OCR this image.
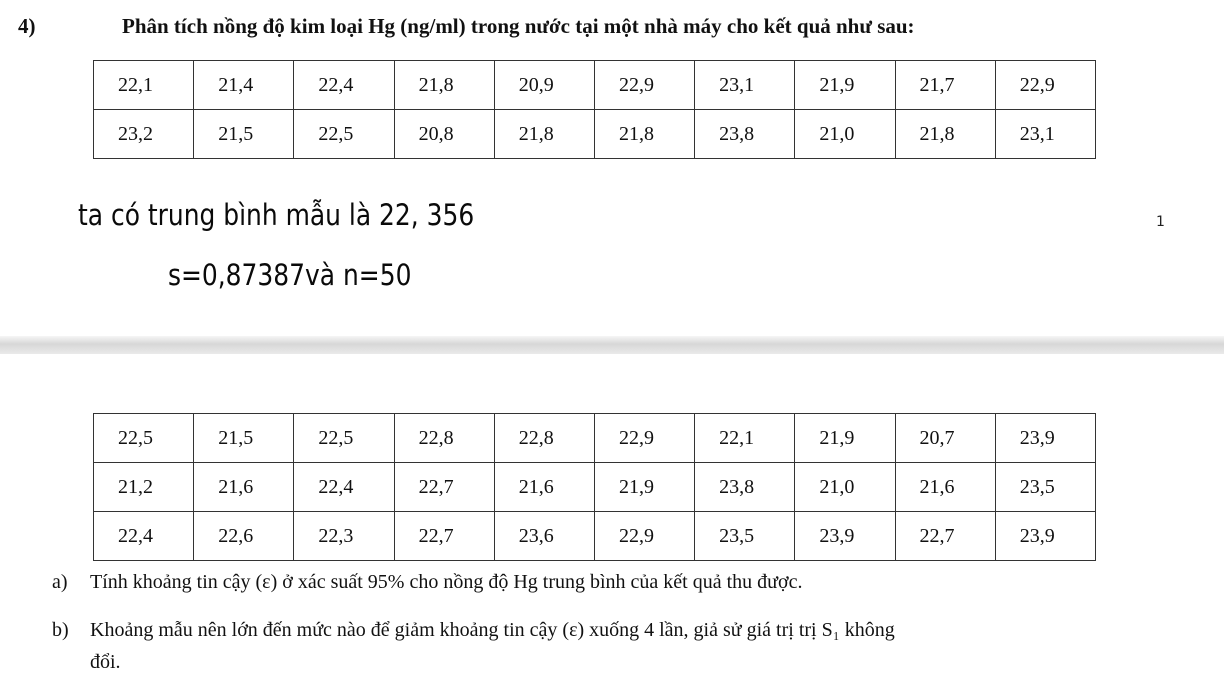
4)	Phân tích nồng độ kim loại Hg (ng/ml) trong nước tại một nhà máy cho kết quả như sau:
22,1	21,4	22,4	21,8	20,9	22,9	23,1	21,9	21,7	22,9
23,2	21,5	22,5	20,8	21,8	21,8	23,8	21,0	21,8	23,1
ta có trung bình mẫu là 22, 356
s=0,87387và n=50
1
22,5	21,5	22,5	22,8	22,8	22,9	22,1	21,9	20,7	23,9
21,2	21,6	22,4	22,7	21,6	21,9	23,8	21,0	21,6	23,5
22,4	22,6	22,3	22,7	23,6	22,9	23,5	23,9	22,7	23,9
a) Tính khoảng tin cậy (ε) ở xác suất 95% cho nồng độ Hg trung bình của kết quả thu được.
b) Khoảng mẫu nên lớn đến mức nào để giảm khoảng tin cậy (ε) xuống 4 lần, giả sử giá trị trị S₁ không
đổi.
